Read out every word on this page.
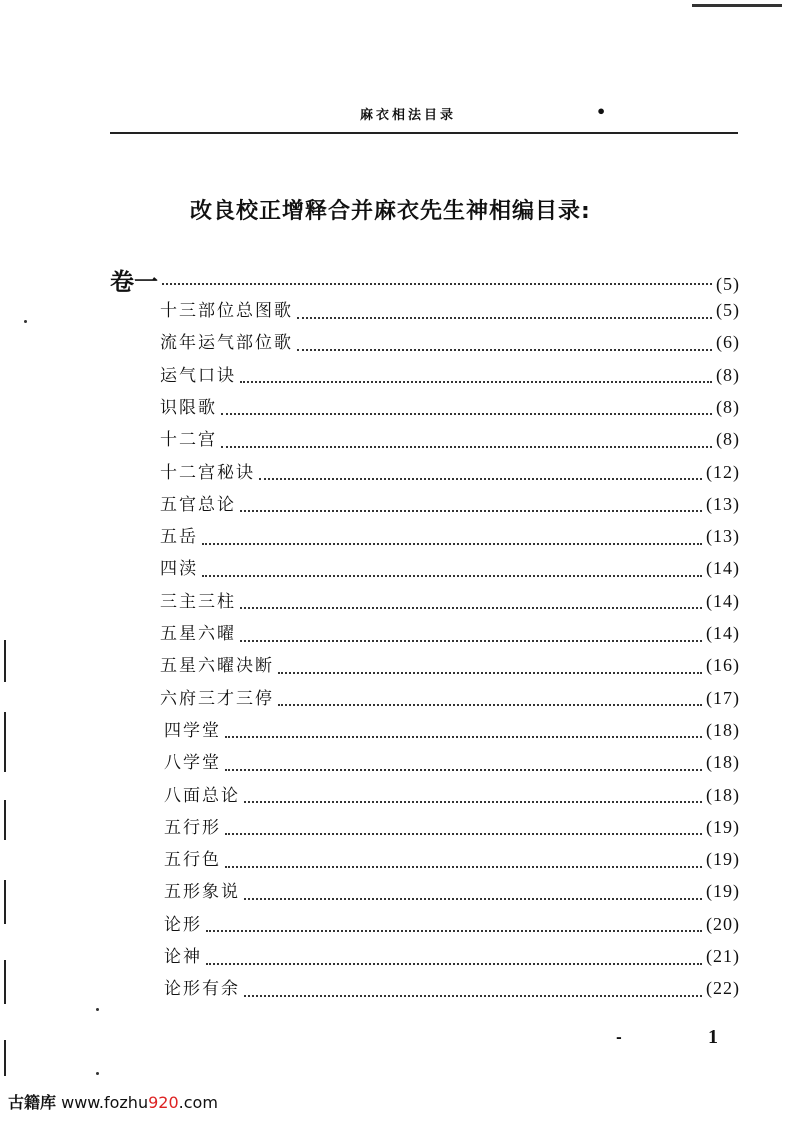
麻衣相法目录	•
改良校正增释合并麻衣先生神相编目录:
卷一	(5)
十三部位总图歌	(5)
流年运气部位歌	(6)
运气口诀	(8)
识限歌	(8)
十二宫	(8)
十二宫秘诀	(12)
五官总论	(13)
五岳	(13)
四渎	(14)
三主三柱	(14)
五星六曜	(14)
五星六曜决断	(16)
六府三才三停	(17)
四学堂	(18)
八学堂	(18)
八面总论	(18)
五行形	(19)
五行色	(19)
五形象说	(19)
论形	(20)
论神	(21)
论形有余	(22)
-	1
古籍库 www.fozhu920.com
